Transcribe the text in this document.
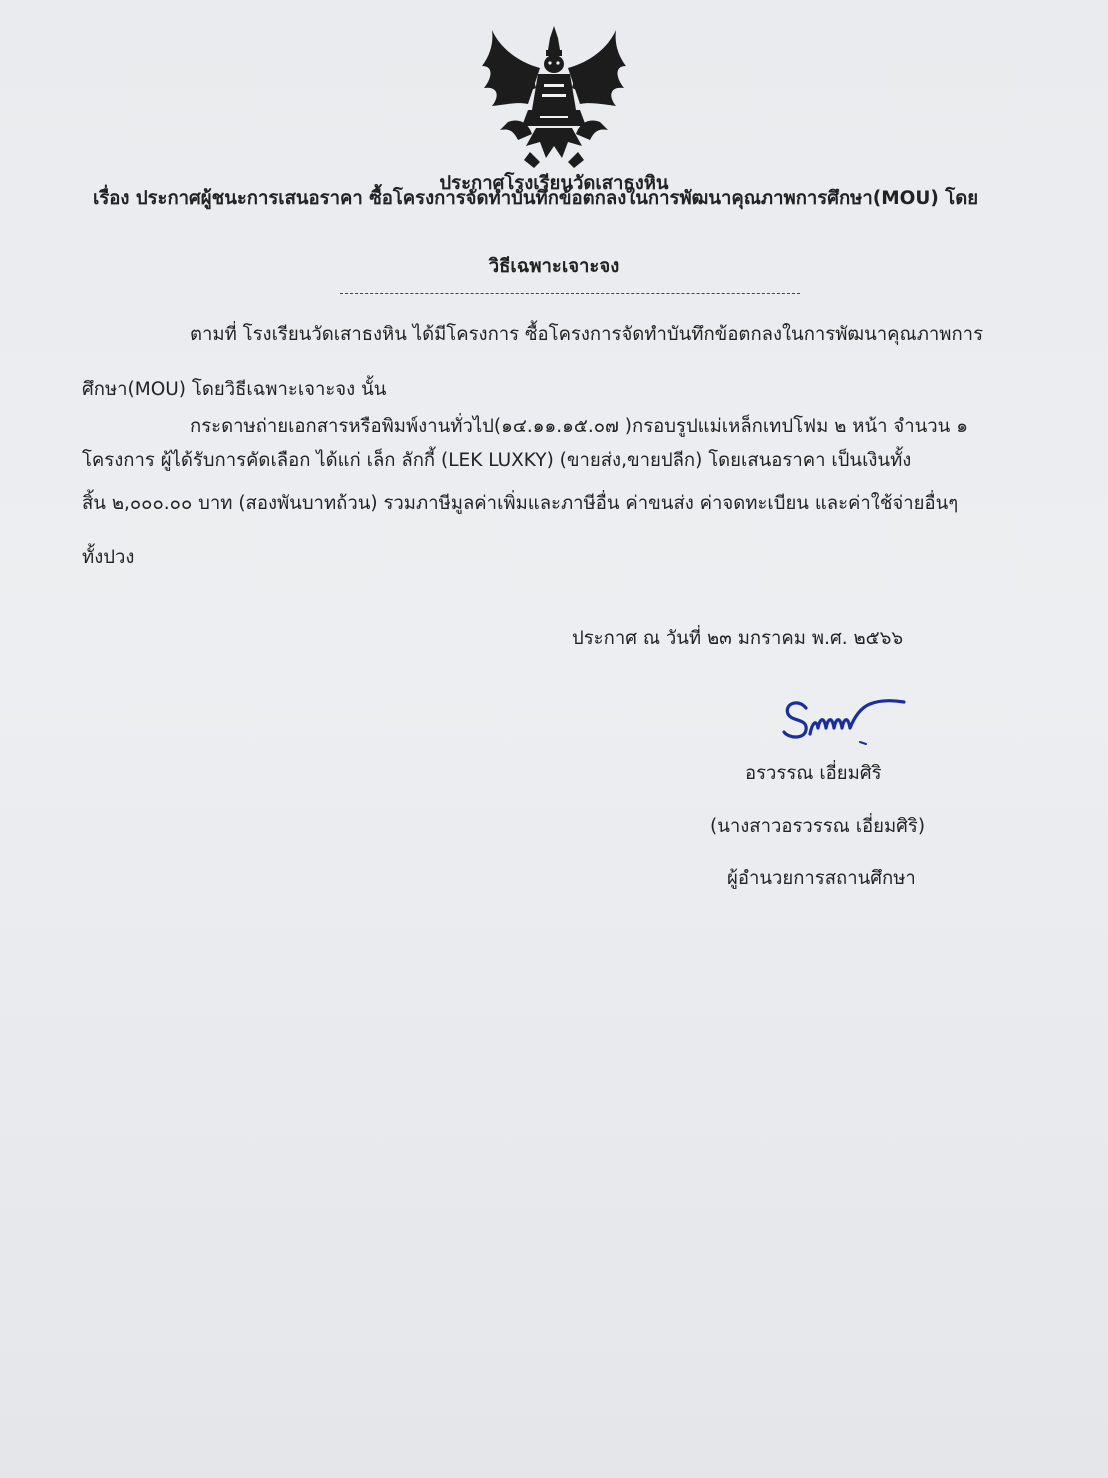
ประกาศโรงเรียนวัดเสาธงหิน
เรื่อง ประกาศผู้ชนะการเสนอราคา ซื้อโครงการจัดทำบันทึกข้อตกลงในการพัฒนาคุณภาพการศึกษา(MOU) โดย
วิธีเฉพาะเจาะจง
ตามที่ โรงเรียนวัดเสาธงหิน ได้มีโครงการ ซื้อโครงการจัดทำบันทึกข้อตกลงในการพัฒนาคุณภาพการ
ศึกษา(MOU) โดยวิธีเฉพาะเจาะจง นั้น
กระดาษถ่ายเอกสารหรือพิมพ์งานทั่วไป(๑๔.๑๑.๑๕.๐๗ )กรอบรูปแม่เหล็กเทปโฟม ๒ หน้า จำนวน ๑
โครงการ ผู้ได้รับการคัดเลือก ได้แก่ เล็ก ลักกี้ (LEK LUXKY) (ขายส่ง,ขายปลีก) โดยเสนอราคา เป็นเงินทั้ง
สิ้น ๒,๐๐๐.๐๐ บาท (สองพันบาทถ้วน) รวมภาษีมูลค่าเพิ่มและภาษีอื่น ค่าขนส่ง ค่าจดทะเบียน และค่าใช้จ่ายอื่นๆ
ทั้งปวง
ประกาศ ณ วันที่ ๒๓ มกราคม พ.ศ. ๒๕๖๖
อรวรรณ เอี่ยมศิริ
(นางสาวอรวรรณ เอี่ยมศิริ)
ผู้อำนวยการสถานศึกษา
